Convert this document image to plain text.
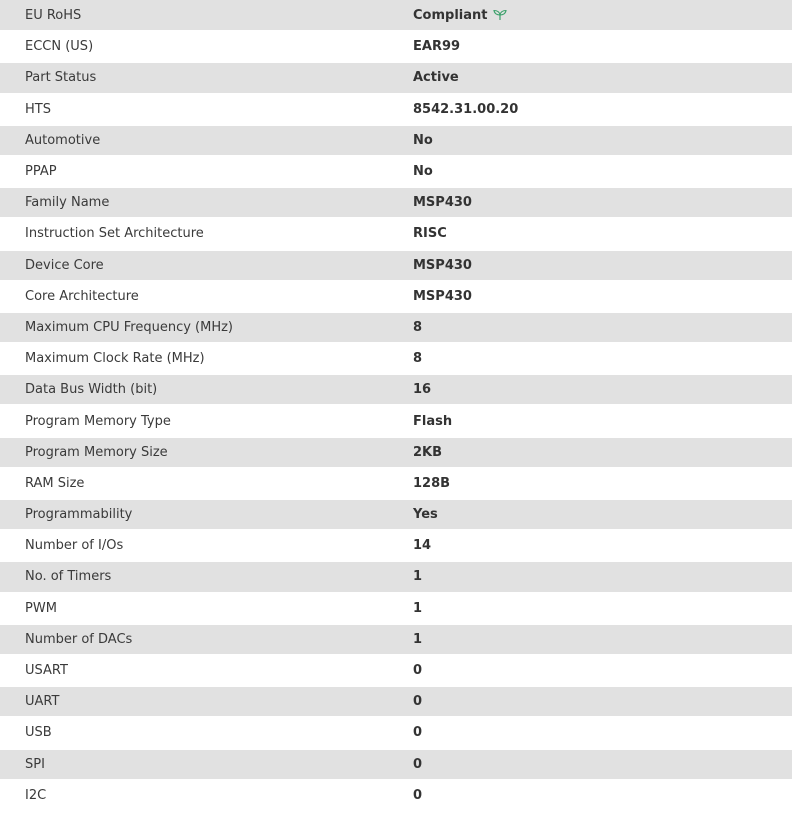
EU RoHS	Compliant
ECCN (US)	EAR99
Part Status	Active
HTS	8542.31.00.20
Automotive	No
PPAP	No
Family Name	MSP430
Instruction Set Architecture	RISC
Device Core	MSP430
Core Architecture	MSP430
Maximum CPU Frequency (MHz)	8
Maximum Clock Rate (MHz)	8
Data Bus Width (bit)	16
Program Memory Type	Flash
Program Memory Size	2KB
RAM Size	128B
Programmability	Yes
Number of I/Os	14
No. of Timers	1
PWM	1
Number of DACs	1
USART	0
UART	0
USB	0
SPI	0
I2C	0
